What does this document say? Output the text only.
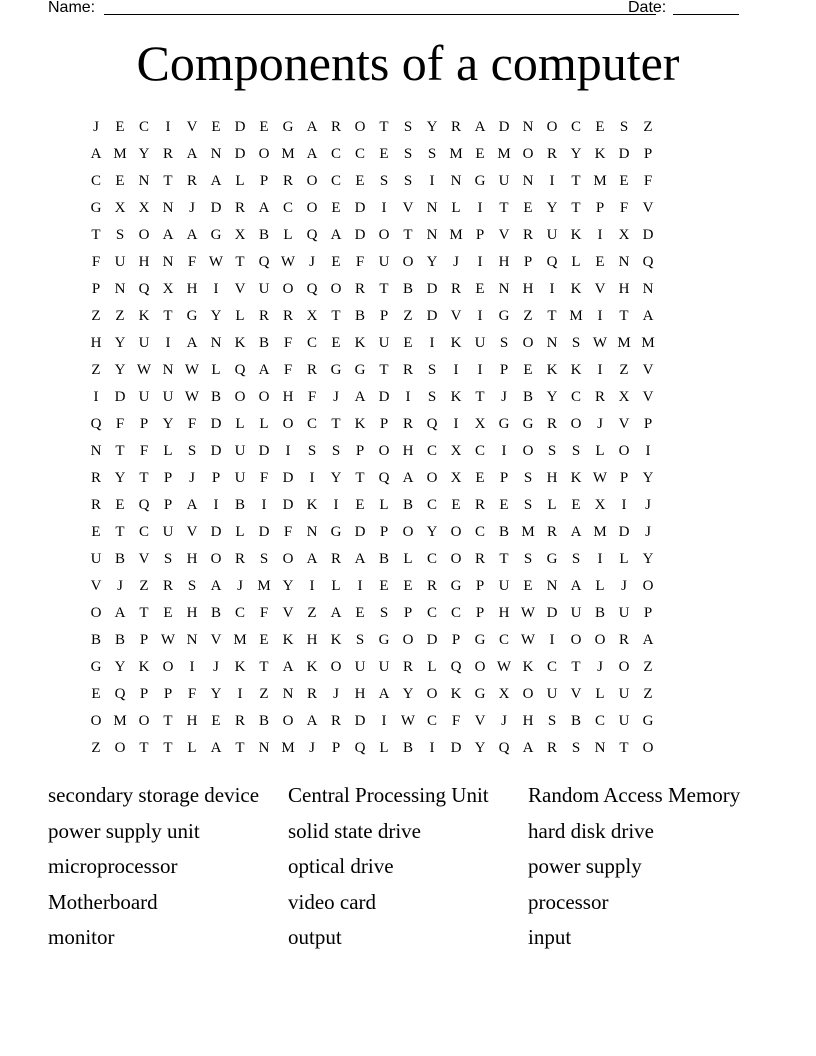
Name:	Date:
Components of a computer
J	E C	I	V E D E G A R O T	S Y R A D N O C E	S	Z
A M Y R A N D O M A C C E	S	S M E M O R Y K D P
C E N T R A L	P R O C E	S	S	I	N G U N	I	T M E	F
G X X N	J	D R A C O E D	I	V N L	I	T E Y T	P	F V
T	S O A A G X B L Q A D O T N M P V R U K	I	X D
F U H N F W T Q W J	E	F U O Y	J	I	H P Q L E N Q
P N Q X H	I	V U O Q O R T B D R E N H	I	K V H N
Z Z K T G Y L R R X T B P	Z D V	I	G Z T M I	T A
H Y U	I	A N K B F C E K U E	I	K U S O N S W M M
Z Y W N W L Q A F R G G T R S	I	I	P	E K K	I	Z V
I	D U U W B O O H F	J	A D	I	S K T	J	B Y C R X V
Q F	P Y F D L L O C T K P R Q	I	X G G R O	J	V P
N T	F	L	S D U D	I	S	S	P O H C X C	I	O S	S	L O	I
R Y T	P	J	P U F D	I	Y T Q A O X E	P	S H K W P Y
R E Q P A	I	B	I	D K	I	E L B C E R E	S	L E X	I	J
E T C U V D L D F N G D P O Y O C B M R A M D	J
U B V S H O R S O A R A B L C O R T	S G S	I	L Y
V	J	Z R S A	J M Y	I	L	I	E E R G P U E N A L	J	O
O A T E H B C F V Z A E	S	P C C P H W D U B U P
B B P W N V M E K H K S G O D P G C W I	O O R A
G Y K O	I	J	K T A K O U U R L Q O W K C T	J	O Z
E Q P	P	F Y	I	Z N R	J	H A Y O K G X O U V L U Z
O M O T H E R B O A R D	I W C F V	J	H S B C U G
Z O T T L A T N M J	P Q L B	I	D Y Q A R S N T O
secondary storage device	Central Processing Unit	Random Access Memory
power supply unit	solid state drive	hard disk drive
microprocessor	optical drive	power supply
Motherboard	video card	processor
monitor	output	input
